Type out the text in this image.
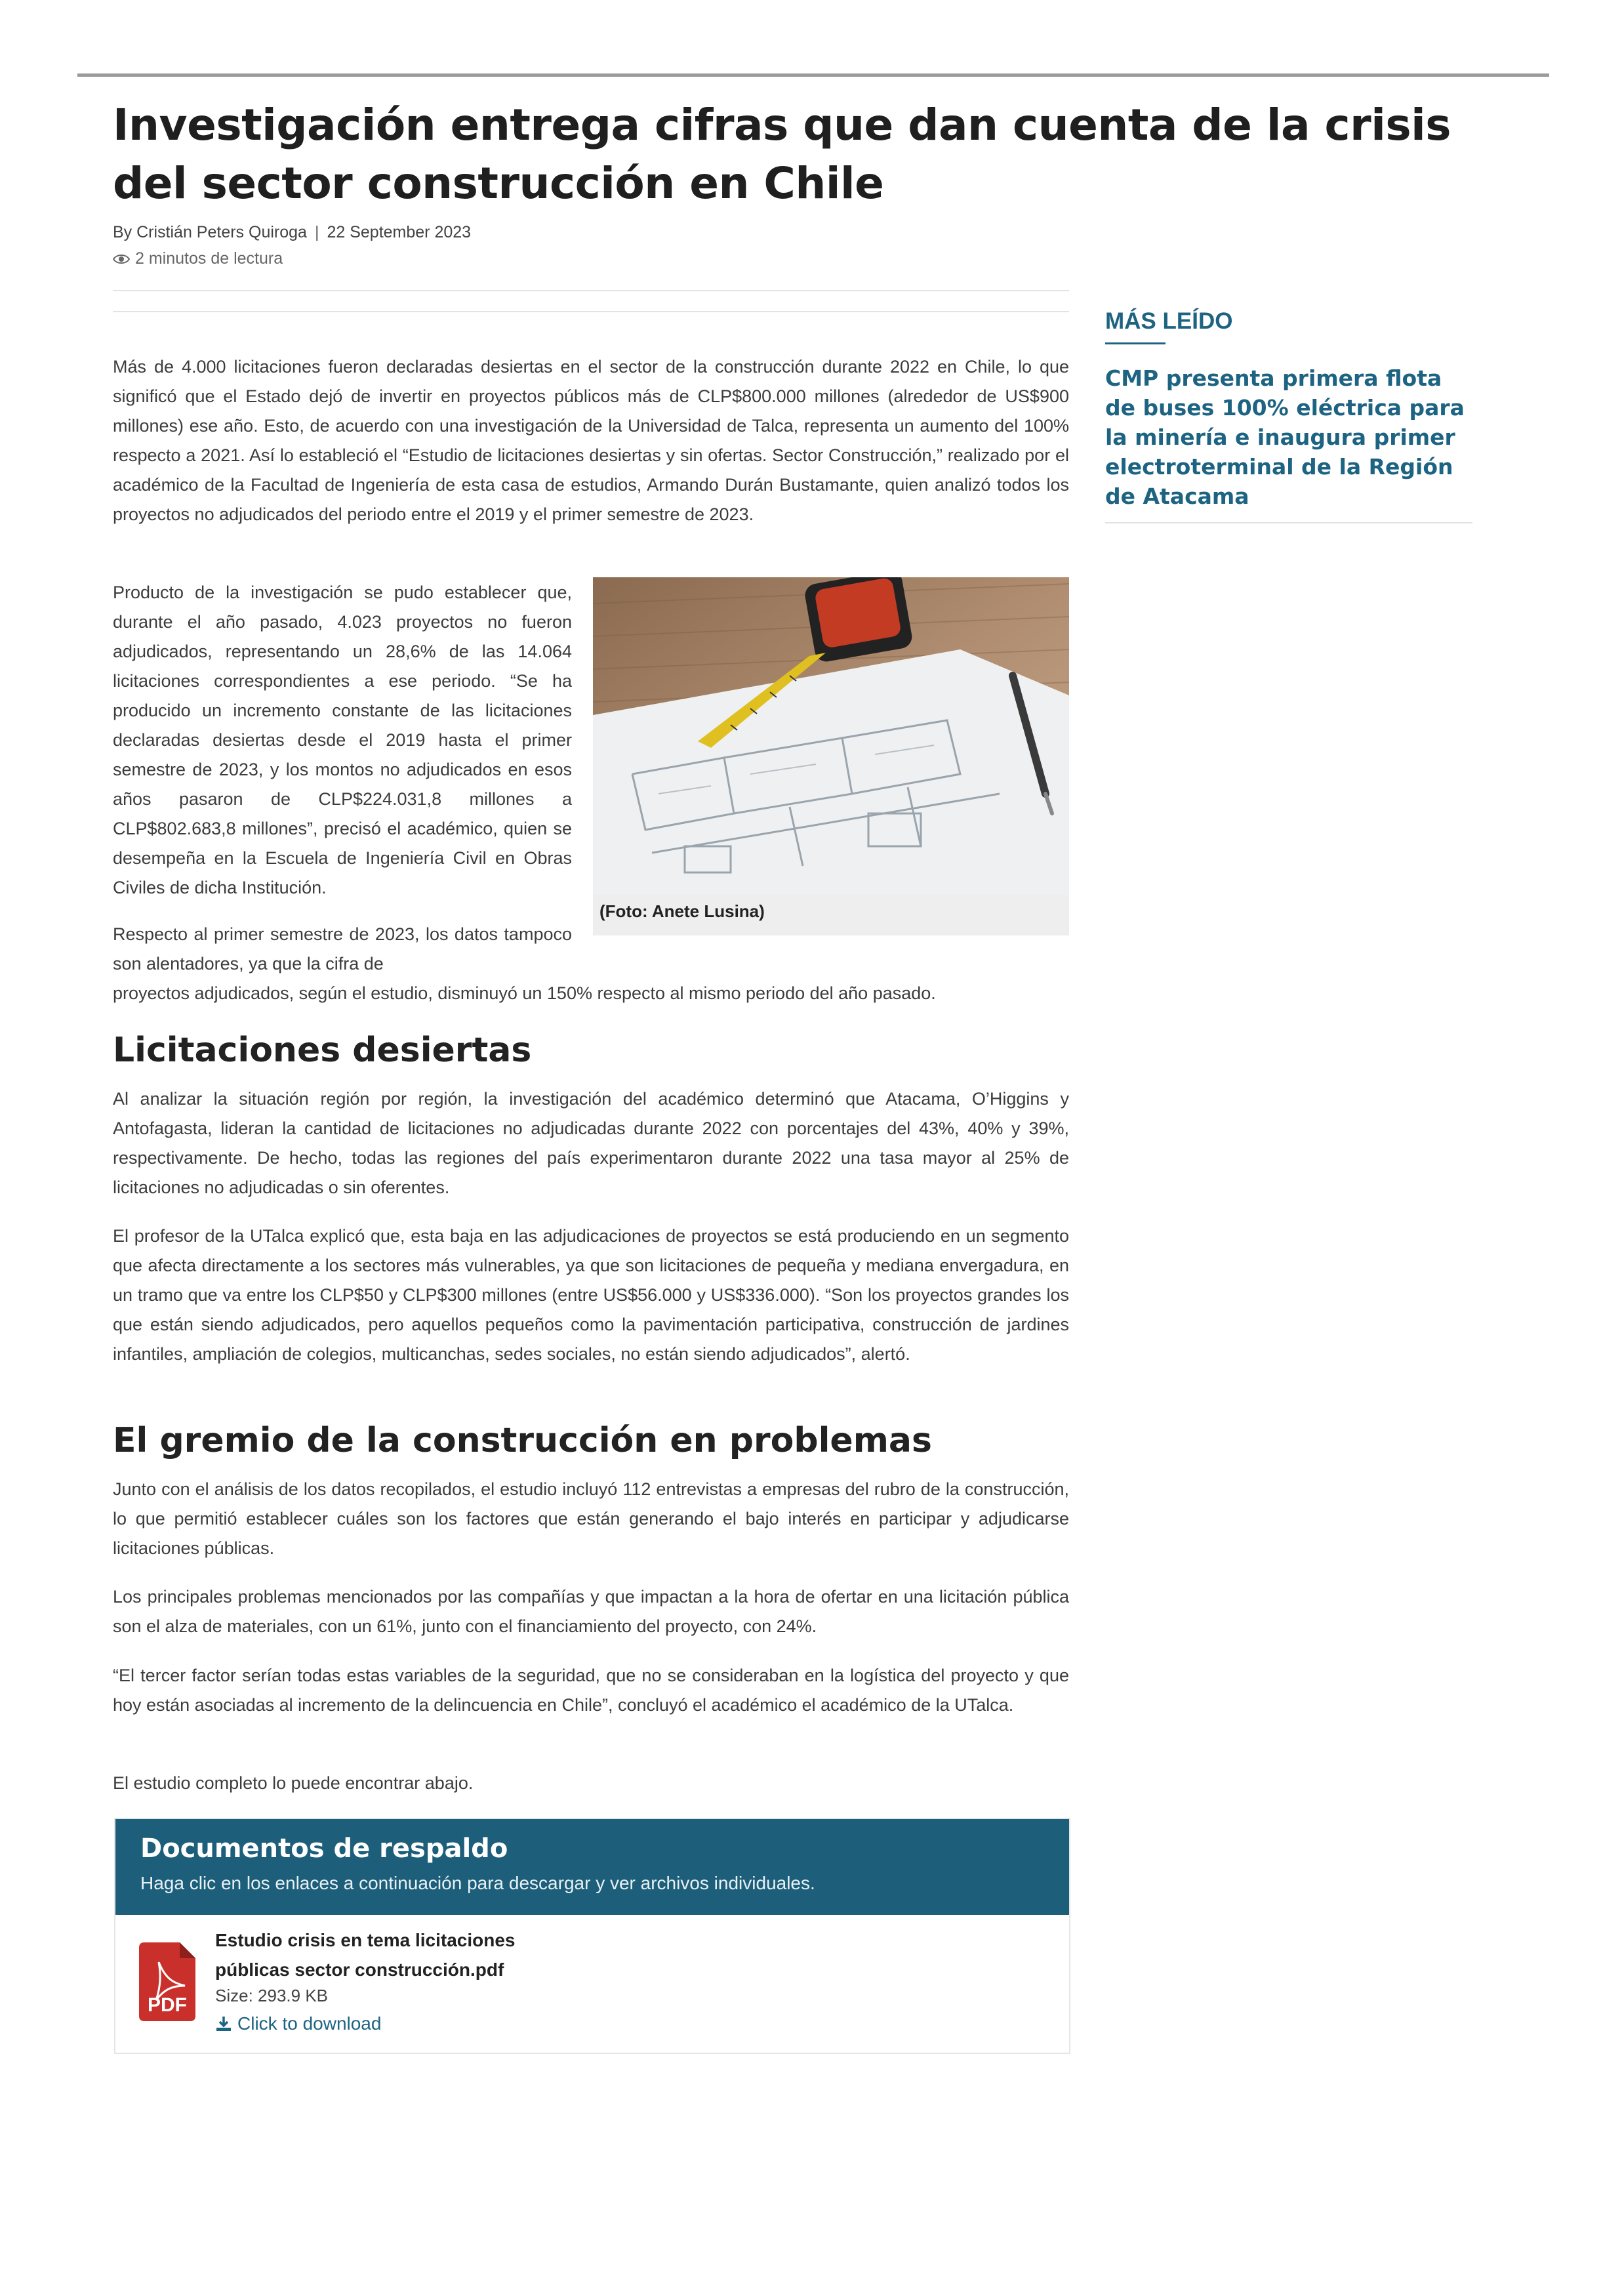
Investigación entrega cifras que dan cuenta de la crisis del sector construcción en Chile
By Cristián Peters Quiroga | 22 September 2023
2 minutos de lectura

Más de 4.000 licitaciones fueron declaradas desiertas en el sector de la construcción durante 2022 en Chile, lo que significó que el Estado dejó de invertir en proyectos públicos más de CLP$800.000 millones (alrededor de US$900 millones) ese año. Esto, de acuerdo con una investigación de la Universidad de Talca, representa un aumento del 100% respecto a 2021. Así lo estableció el “Estudio de licitaciones desiertas y sin ofertas. Sector Construcción,” realizado por el académico de la Facultad de Ingeniería de esta casa de estudios, Armando Durán Bustamante, quien analizó todos los proyectos no adjudicados del periodo entre el 2019 y el primer semestre de 2023.

Producto de la investigación se pudo establecer que, durante el año pasado, 4.023 proyectos no fueron adjudicados, representando un 28,6% de las 14.064 licitaciones correspondientes a ese periodo. “Se ha producido un incremento constante de las licitaciones declaradas desiertas desde el 2019 hasta el primer semestre de 2023, y los montos no adjudicados en esos años pasaron de CLP$224.031,8 millones a CLP$802.683,8 millones”, precisó el académico, quien se desempeña en la Escuela de Ingeniería Civil en Obras Civiles de dicha Institución.

(Foto: Anete Lusina)

Respecto al primer semestre de 2023, los datos tampoco son alentadores, ya que la cifra de

proyectos adjudicados, según el estudio, disminuyó un 150% respecto al mismo periodo del año pasado.

Licitaciones desiertas

Al analizar la situación región por región, la investigación del académico determinó que Atacama, O’Higgins y Antofagasta, lideran la cantidad de licitaciones no adjudicadas durante 2022 con porcentajes del 43%, 40% y 39%, respectivamente. De hecho, todas las regiones del país experimentaron durante 2022 una tasa mayor al 25% de licitaciones no adjudicadas o sin oferentes.

El profesor de la UTalca explicó que, esta baja en las adjudicaciones de proyectos se está produciendo en un segmento que afecta directamente a los sectores más vulnerables, ya que son licitaciones de pequeña y mediana envergadura, en un tramo que va entre los CLP$50 y CLP$300 millones (entre US$56.000 y US$336.000). “Son los proyectos grandes los que están siendo adjudicados, pero aquellos pequeños como la pavimentación participativa, construcción de jardines infantiles, ampliación de colegios, multicanchas, sedes sociales, no están siendo adjudicados”, alertó.

El gremio de la construcción en problemas

Junto con el análisis de los datos recopilados, el estudio incluyó 112 entrevistas a empresas del rubro de la construcción, lo que permitió establecer cuáles son los factores que están generando el bajo interés en participar y adjudicarse licitaciones públicas.

Los principales problemas mencionados por las compañías y que impactan a la hora de ofertar en una licitación pública son el alza de materiales, con un 61%, junto con el financiamiento del proyecto, con 24%.

“El tercer factor serían todas estas variables de la seguridad, que no se consideraban en la logística del proyecto y que hoy están asociadas al incremento de la delincuencia en Chile”, concluyó el académico el académico de la UTalca.

El estudio completo lo puede encontrar abajo.

MÁS LEÍDO

CMP presenta primera flota de buses 100% eléctrica para la minería e inaugura primer electroterminal de la Región de Atacama

Documentos de respaldo
Haga clic en los enlaces a continuación para descargar y ver archivos individuales.
PDF

Estudio crisis en tema licitaciones públicas sector construcción.pdf

Size: 293.9 KB
Click to download
